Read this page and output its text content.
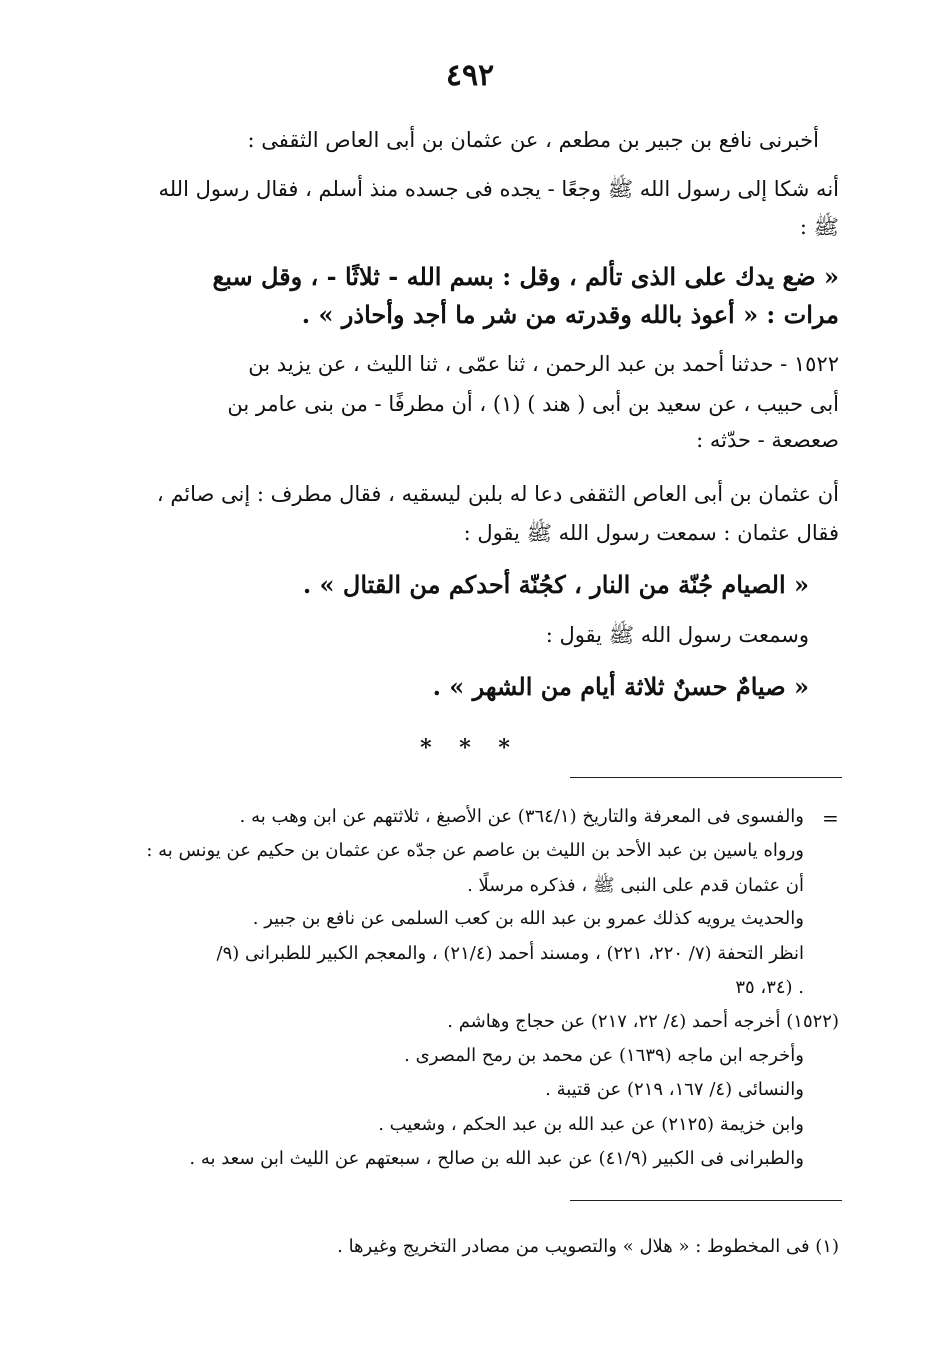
٤٩٢
أخبرنى نافع بن جبير بن مطعم ، عن عثمان بن أبى العاص الثقفى :
أنه شكا إلى رسول الله ﷺ وجعًا - يجده فى جسده منذ أسلم ، فقال رسول الله
ﷺ :
« ضع يدك على الذى تألم ، وقل : بسم الله - ثلاثًا - ، وقل سبع
مرات : « أعوذ بالله وقدرته من شر ما أجد وأحاذر » .
١٥٢٢ - حدثنا أحمد بن عبد الرحمن ، ثنا عمّى ، ثنا الليث ، عن يزيد بن
أبى حبيب ، عن سعيد بن أبى ( هند ) (١) ، أن مطرفًا - من بنى عامر بن
صعصعة - حدّثه :
أن عثمان بن أبى العاص الثقفى دعا له بلبن ليسقيه ، فقال مطرف : إنى صائم ،
فقال عثمان : سمعت رسول الله ﷺ يقول :
« الصيام جُنّة من النار ، كجُنّة أحدكم من القتال » .
وسمعت رسول الله ﷺ يقول :
« صيامٌ حسنٌ ثلاثة أيام من الشهر » .
* * *
=
والفسوى فى المعرفة والتاريخ (٣٦٤/١) عن الأصبغ ، ثلاثتهم عن ابن وهب به .
ورواه ياسين بن عبد الأحد بن الليث بن عاصم عن جدّه عن عثمان بن حكيم عن يونس به :
أن عثمان قدم على النبى ﷺ ، فذكره مرسلًا .
والحديث يرويه كذلك عمرو بن عبد الله بن كعب السلمى عن نافع بن جبير .
انظر التحفة (٧/ ٢٢٠، ٢٢١) ، ومسند أحمد (٢١/٤) ، والمعجم الكبير للطبرانى (٩/
٣٤، ٣٥) .
(١٥٢٢) أخرجه أحمد (٤/ ٢٢، ٢١٧) عن حجاج وهاشم .
وأخرجه ابن ماجه (١٦٣٩) عن محمد بن رمح المصرى .
والنسائى (٤/ ١٦٧، ٢١٩) عن قتيبة .
وابن خزيمة (٢١٢٥) عن عبد الله بن عبد الحكم ، وشعيب .
والطبرانى فى الكبير (٤١/٩) عن عبد الله بن صالح ، سبعتهم عن الليث ابن سعد به .
(١) فى المخطوط : « هلال » والتصويب من مصادر التخريج وغيرها .
